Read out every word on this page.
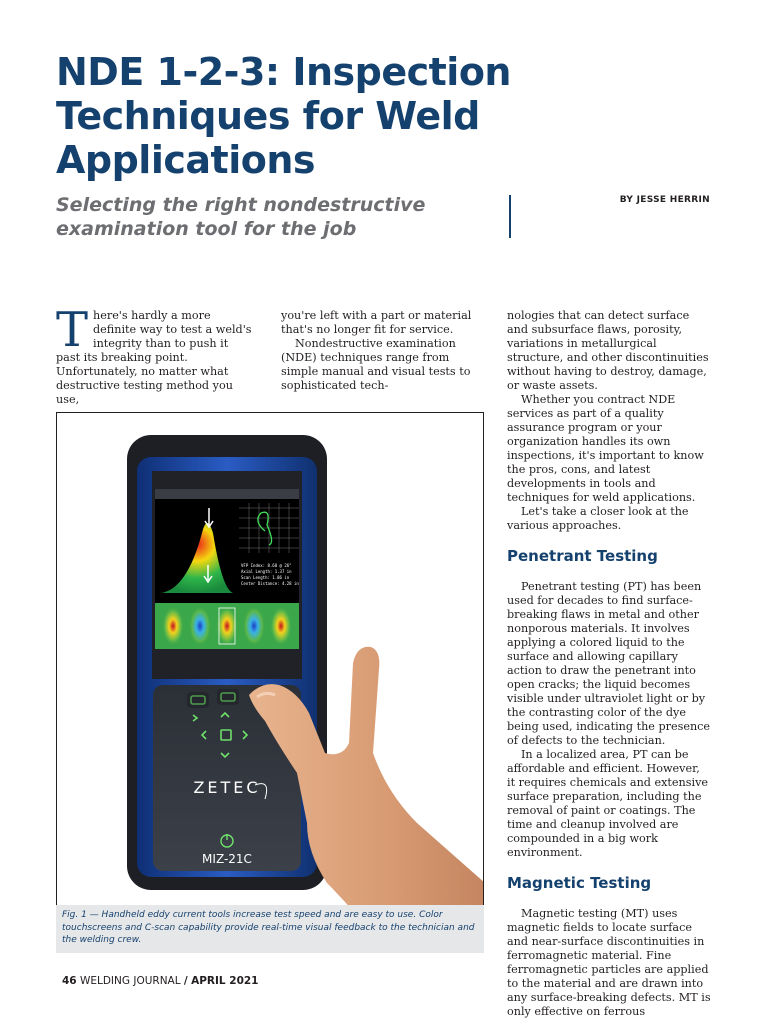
NDE 1-2-3: Inspection Techniques for Weld Applications
Selecting the right nondestructive examination tool for the job
BY JESSE HERRIN

There's hardly a more definite way to test a weld's integrity than to push it past its breaking point. Unfortunately, no matter what destructive testing method you use,

you're left with a part or material that's no longer fit for service.

Nondestructive examination (NDE) techniques range from simple manual and visual tests to sophisticated tech-

nologies that can detect surface and subsurface flaws, porosity, variations in metallurgical structure, and other discontinuities without having to destroy, damage, or waste assets.

Whether you contract NDE services as part of a quality assurance program or your organization handles its own inspections, it's important to know the pros, cons, and latest developments in tools and techniques for weld applications.

Let's take a closer look at the various approaches.

Penetrant Testing

Penetrant testing (PT) has been used for decades to find surface-breaking flaws in metal and other nonporous materials. It involves applying a colored liquid to the surface and allowing capillary action to draw the penetrant into open cracks; the liquid becomes visible under ultraviolet light or by the contrasting color of the dye being used, indicating the presence of defects to the technician.

In a localized area, PT can be affordable and efficient. However, it requires chemicals and extensive surface preparation, including the removal of paint or coatings. The time and cleanup involved are compounded in a big work environment.

Magnetic Testing

Magnetic testing (MT) uses magnetic fields to locate surface and near-surface discontinuities in ferromagnetic material. Fine ferromagnetic particles are applied to the material and are drawn into any surface-breaking defects. MT is only effective on ferrous

VFP Index: 8.68 @ 26°
Axial Length: 1.37 in
Scan Length: 1.86 in
Center Distance: 4.28 in
ZETEC
MIZ-21C
Fig. 1 — Handheld eddy current tools increase test speed and are easy to use. Color touchscreens and C-scan capability provide real-time visual feedback to the technician and the welding crew.
46 WELDING JOURNAL / APRIL 2021
